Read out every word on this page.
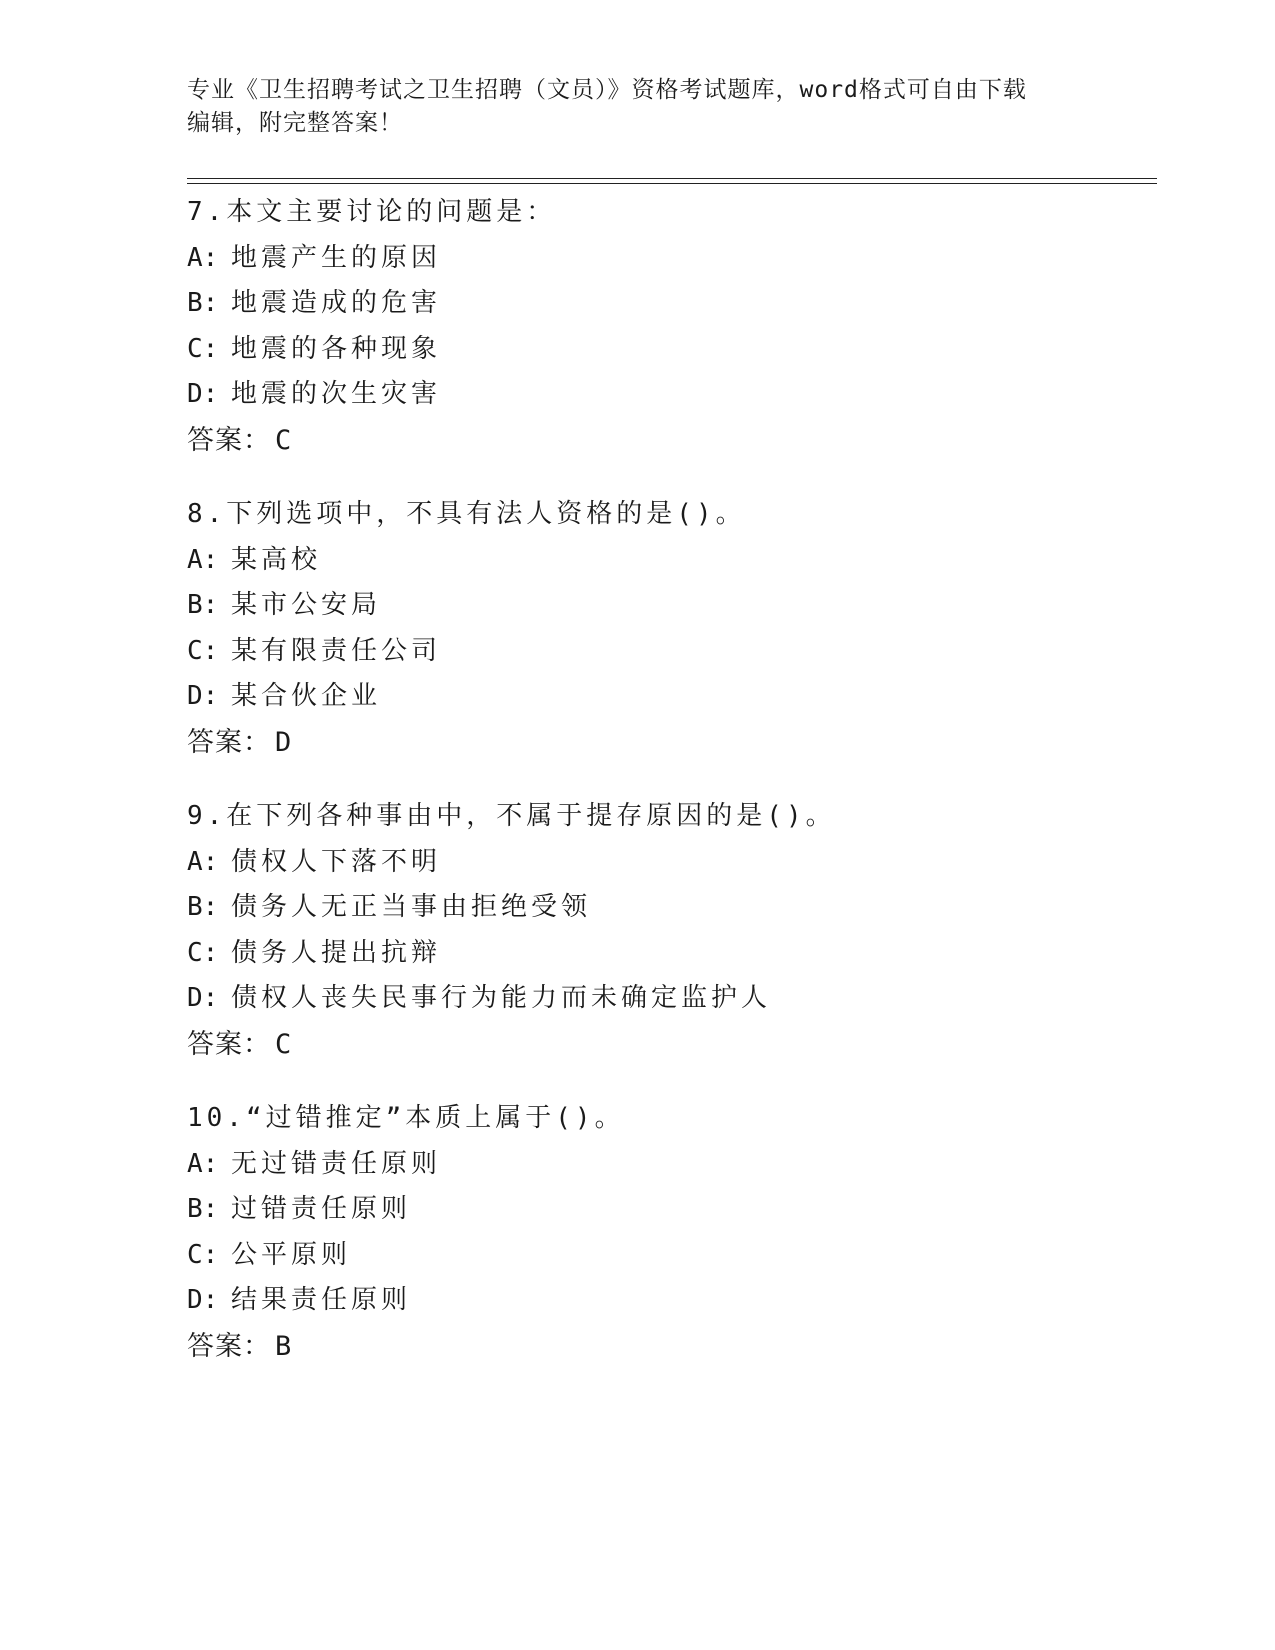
专业《卫生招聘考试之卫生招聘（文员）》资格考试题库，word格式可自由下载
编辑，附完整答案！
7.本文主要讨论的问题是：
A: 地震产生的原因
B: 地震造成的危害
C: 地震的各种现象
D: 地震的次生灾害
答案： C
8.下列选项中，不具有法人资格的是()。
A: 某高校
B: 某市公安局
C: 某有限责任公司
D: 某合伙企业
答案： D
9.在下列各种事由中，不属于提存原因的是()。
A: 债权人下落不明
B: 债务人无正当事由拒绝受领
C: 债务人提出抗辩
D: 债权人丧失民事行为能力而未确定监护人
答案： C
10.“过错推定”本质上属于()。
A: 无过错责任原则
B: 过错责任原则
C: 公平原则
D: 结果责任原则
答案： B
